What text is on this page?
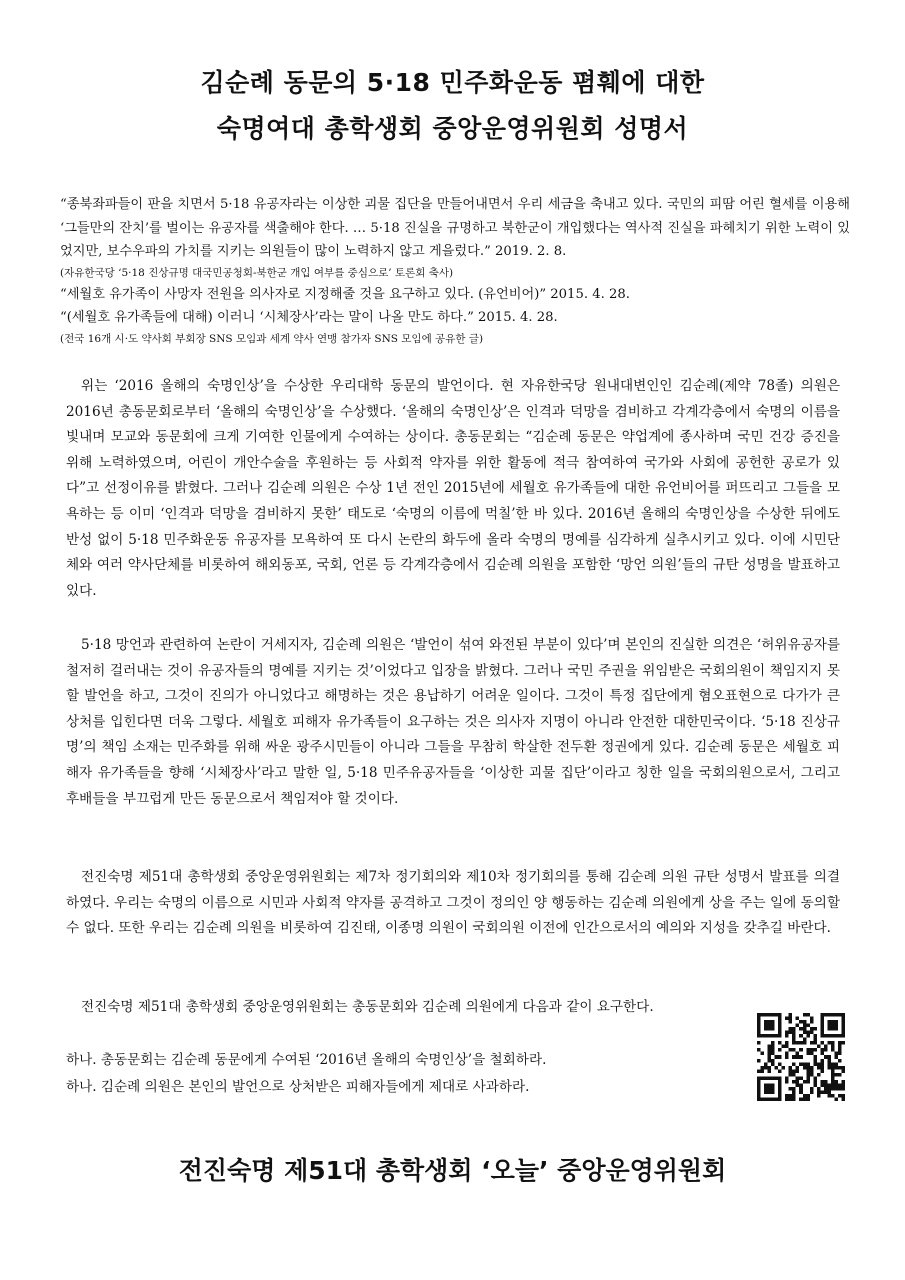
김순례 동문의 5·18 민주화운동 폄훼에 대한
숙명여대 총학생회 중앙운영위원회 성명서

“종북좌파들이 판을 치면서 5·18 유공자라는 이상한 괴물 집단을 만들어내면서 우리 세금을 축내고 있다. 국민의 피땀 어린 혈세를 이용해 ‘그들만의 잔치’를 벌이는 유공자를 색출해야 한다. … 5·18 진실을 규명하고 북한군이 개입했다는 역사적 진실을 파헤치기 위한 노력이 있었지만, 보수우파의 가치를 지키는 의원들이 많이 노력하지 않고 게을렀다.” 2019. 2. 8.

(자유한국당 ‘5·18 진상규명 대국민공청회-북한군 개입 여부를 중심으로’ 토론회 축사)

“세월호 유가족이 사망자 전원을 의사자로 지정해줄 것을 요구하고 있다. (유언비어)” 2015. 4. 28.

“(세월호 유가족들에 대해) 이러니 ‘시체장사’라는 말이 나올 만도 하다.” 2015. 4. 28.

(전국 16개 시·도 약사회 부회장 SNS 모임과 세계 약사 연맹 참가자 SNS 모임에 공유한 글)

위는 ‘2016 올해의 숙명인상’을 수상한 우리대학 동문의 발언이다. 현 자유한국당 원내대변인인 김순례(제약 78졸) 의원은 2016년 총동문회로부터 ‘올해의 숙명인상’을 수상했다. ‘올해의 숙명인상’은 인격과 덕망을 겸비하고 각계각층에서 숙명의 이름을 빛내며 모교와 동문회에 크게 기여한 인물에게 수여하는 상이다. 총동문회는 “김순례 동문은 약업계에 종사하며 국민 건강 증진을 위해 노력하였으며, 어린이 개안수술을 후원하는 등 사회적 약자를 위한 활동에 적극 참여하여 국가와 사회에 공헌한 공로가 있다”고 선정이유를 밝혔다. 그러나 김순례 의원은 수상 1년 전인 2015년에 세월호 유가족들에 대한 유언비어를 퍼뜨리고 그들을 모욕하는 등 이미 ‘인격과 덕망을 겸비하지 못한’ 태도로 ‘숙명의 이름에 먹칠’한 바 있다. 2016년 올해의 숙명인상을 수상한 뒤에도 반성 없이 5·18 민주화운동 유공자를 모욕하여 또 다시 논란의 화두에 올라 숙명의 명예를 심각하게 실추시키고 있다. 이에 시민단체와 여러 약사단체를 비롯하여 해외동포, 국회, 언론 등 각계각층에서 김순례 의원을 포함한 ‘망언 의원’들의 규탄 성명을 발표하고 있다.

5·18 망언과 관련하여 논란이 거세지자, 김순례 의원은 ‘발언이 섞여 와전된 부분이 있다’며 본인의 진실한 의견은 ‘허위유공자를 철저히 걸러내는 것이 유공자들의 명예를 지키는 것’이었다고 입장을 밝혔다. 그러나 국민 주권을 위임받은 국회의원이 책임지지 못할 발언을 하고, 그것이 진의가 아니었다고 해명하는 것은 용납하기 어려운 일이다. 그것이 특정 집단에게 혐오표현으로 다가가 큰 상처를 입힌다면 더욱 그렇다. 세월호 피해자 유가족들이 요구하는 것은 의사자 지명이 아니라 안전한 대한민국이다. ‘5·18 진상규명’의 책임 소재는 민주화를 위해 싸운 광주시민들이 아니라 그들을 무참히 학살한 전두환 정권에게 있다. 김순례 동문은 세월호 피해자 유가족들을 향해 ‘시체장사’라고 말한 일, 5·18 민주유공자들을 ‘이상한 괴물 집단’이라고 칭한 일을 국회의원으로서, 그리고 후배들을 부끄럽게 만든 동문으로서 책임져야 할 것이다.

전진숙명 제51대 총학생회 중앙운영위원회는 제7차 정기회의와 제10차 정기회의를 통해 김순례 의원 규탄 성명서 발표를 의결하였다. 우리는 숙명의 이름으로 시민과 사회적 약자를 공격하고 그것이 정의인 양 행동하는 김순례 의원에게 상을 주는 일에 동의할 수 없다. 또한 우리는 김순례 의원을 비롯하여 김진태, 이종명 의원이 국회의원 이전에 인간으로서의 예의와 지성을 갖추길 바란다.

전진숙명 제51대 총학생회 중앙운영위원회는 총동문회와 김순례 의원에게 다음과 같이 요구한다.

하나. 총동문회는 김순례 동문에게 수여된 ‘2016년 올해의 숙명인상’을 철회하라.
하나. 김순례 의원은 본인의 발언으로 상처받은 피해자들에게 제대로 사과하라.
전진숙명 제51대 총학생회 ‘오늘’ 중앙운영위원회
